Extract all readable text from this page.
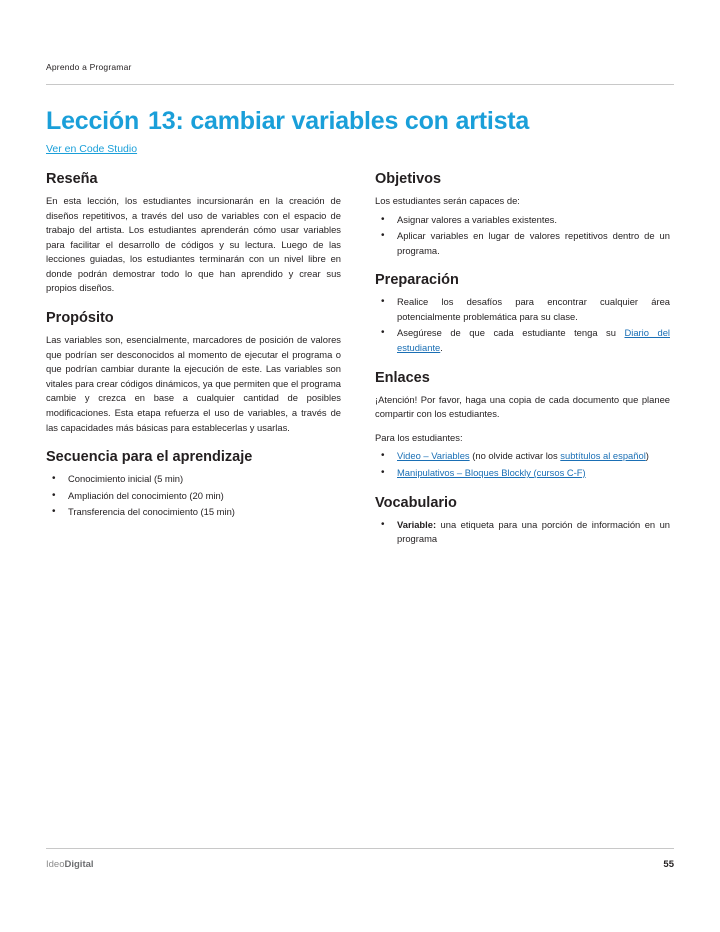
Aprendo a Programar
Lección 13: cambiar variables con artista
Ver en Code Studio
Reseña

En esta lección, los estudiantes incursionarán en la creación de diseños repetitivos, a través del uso de variables con el espacio de trabajo del artista. Los estudiantes aprenderán cómo usar variables para facilitar el desarrollo de códigos y su lectura. Luego de las lecciones guiadas, los estudiantes terminarán con un nivel libre en donde podrán demostrar todo lo que han aprendido y crear sus propios diseños.

Propósito

Las variables son, esencialmente, marcadores de posición de valores que podrían ser desconocidos al momento de ejecutar el programa o que podrían cambiar durante la ejecución de este. Las variables son vitales para crear códigos dinámicos, ya que permiten que el programa cambie y crezca en base a cualquier cantidad de posibles modificaciones. Esta etapa refuerza el uso de variables, a través de las capacidades más básicas para establecerlas y usarlas.

Secuencia para el aprendizaje
• Conocimiento inicial (5 min)
• Ampliación del conocimiento (20 min)
• Transferencia del conocimiento (15 min)
Objetivos

Los estudiantes serán capaces de:

• Asignar valores a variables existentes.
• Aplicar variables en lugar de valores repetitivos dentro de un programa.
Preparación
• Realice los desafíos para encontrar cualquier área potencialmente problemática para su clase.
• Asegúrese de que cada estudiante tenga su Diario del estudiante.
Enlaces

¡Atención! Por favor, haga una copia de cada documento que planee compartir con los estudiantes.

Para los estudiantes:

• Video – Variables (no olvide activar los subtítulos al español)
• Manipulativos – Bloques Blockly (cursos C-F)
Vocabulario
• Variable: una etiqueta para una porción de información en un programa
IdeoDigital	55
